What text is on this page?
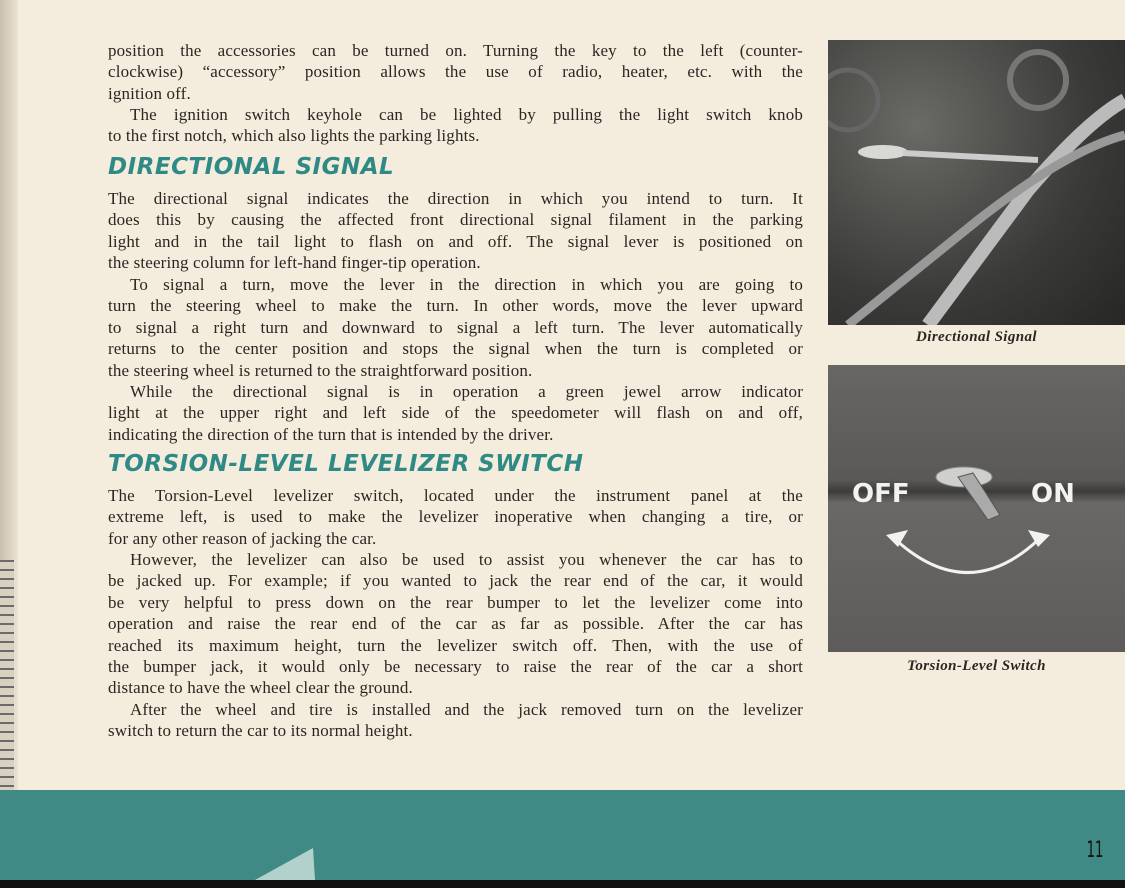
position the accessories can be turned on. Turning the key to the left (counter-
clockwise) “accessory” position allows the use of radio, heater, etc. with the
ignition off.
The ignition switch keyhole can be lighted by pulling the light switch knob
to the first notch, which also lights the parking lights.
DIRECTIONAL SIGNAL
The directional signal indicates the direction in which you intend to turn. It
does this by causing the affected front directional signal filament in the parking
light and in the tail light to flash on and off. The signal lever is positioned on
the steering column for left-hand finger-tip operation.
To signal a turn, move the lever in the direction in which you are going to
turn the steering wheel to make the turn. In other words, move the lever upward
to signal a right turn and downward to signal a left turn. The lever automatically
returns to the center position and stops the signal when the turn is completed or
the steering wheel is returned to the straightforward position.
While the directional signal is in operation a green jewel arrow indicator
light at the upper right and left side of the speedometer will flash on and off,
indicating the direction of the turn that is intended by the driver.
TORSION-LEVEL LEVELIZER SWITCH
The Torsion-Level levelizer switch, located under the instrument panel at the
extreme left, is used to make the levelizer inoperative when changing a tire, or
for any other reason of jacking the car.
However, the levelizer can also be used to assist you whenever the car has to
be jacked up. For example; if you wanted to jack the rear end of the car, it would
be very helpful to press down on the rear bumper to let the levelizer come into
operation and raise the rear end of the car as far as possible. After the car has
reached its maximum height, turn the levelizer switch off. Then, with the use of
the bumper jack, it would only be necessary to raise the rear of the car a short
distance to have the wheel clear the ground.
After the wheel and tire is installed and the jack removed turn on the levelizer
switch to return the car to its normal height.
Directional Signal
OFF	ON
Torsion-Level Switch
11
